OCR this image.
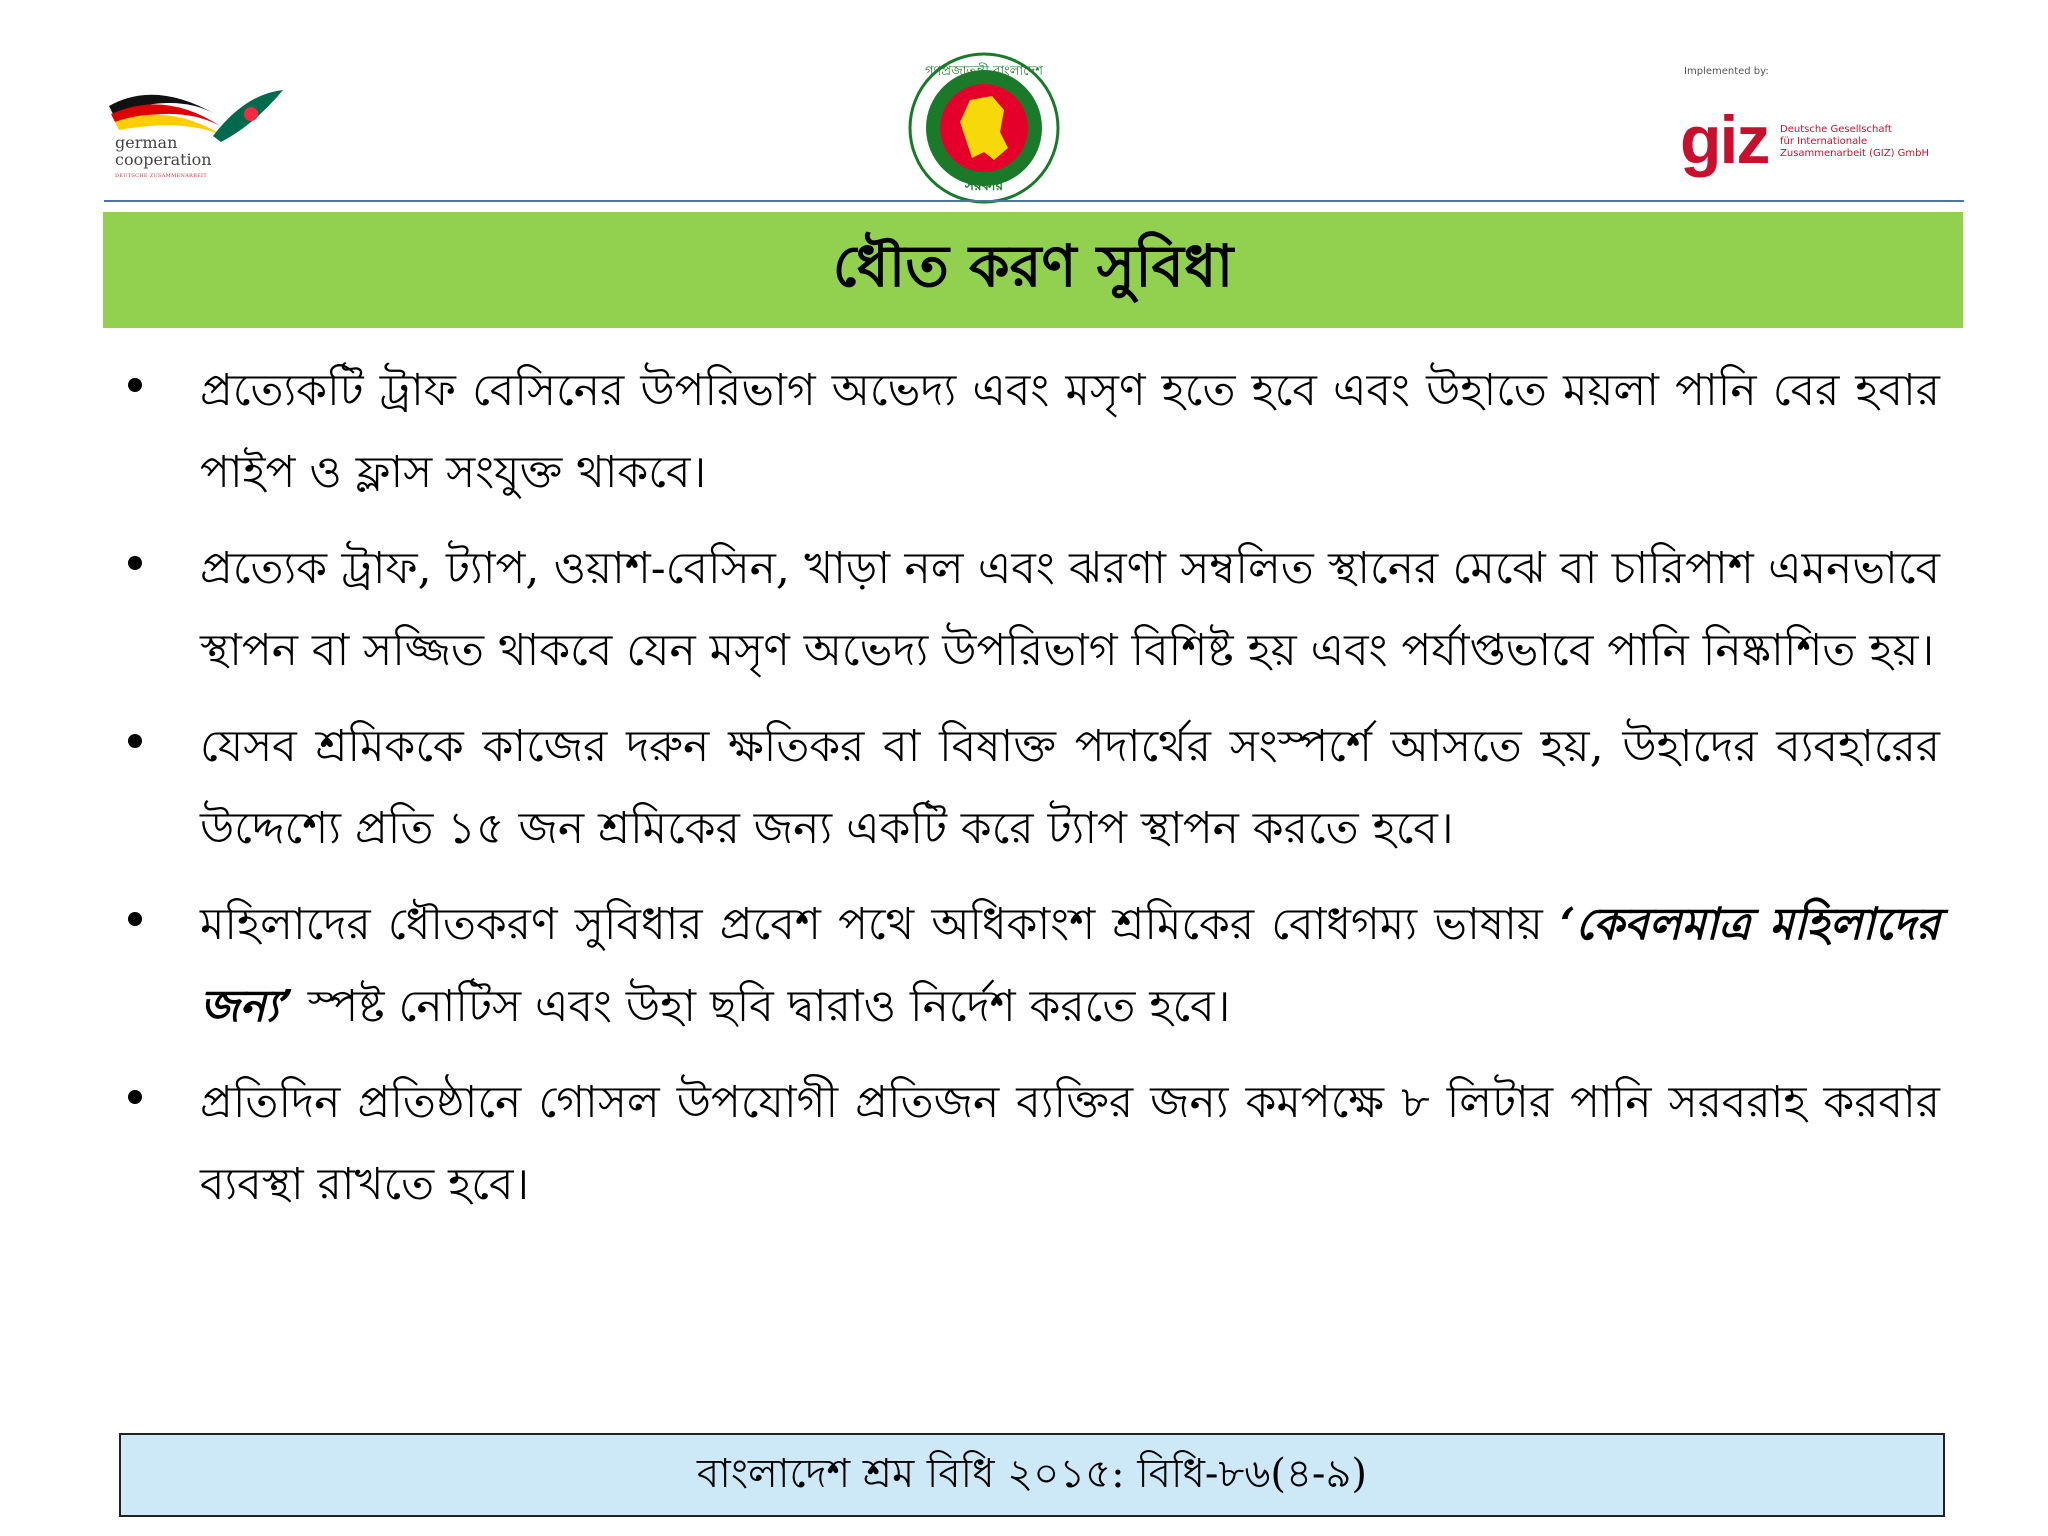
german
cooperation
DEUTSCHE ZUSAMMENARBEIT
গণপ্রজাতন্ত্রী বাংলাদেশ
সরকার
Implemented by:
giz Deutsche Gesellschaft
für Internationale
Zusammenarbeit (GIZ) GmbH
ধৌত করণ সুবিধা
প্রত্যেকটি ট্রাফ বেসিনের উপরিভাগ অভেদ্য এবং মসৃণ হতে হবে এবং উহাতে ময়লা পানি বের হবার পাইপ ও ফ্লাস সংযুক্ত থাকবে।
প্রত্যেক ট্রাফ, ট্যাপ, ওয়াশ-বেসিন, খাড়া নল এবং ঝরণা সম্বলিত স্থানের মেঝে বা চারিপাশ এমনভাবে স্থাপন বা সজ্জিত থাকবে যেন মসৃণ অভেদ্য উপরিভাগ বিশিষ্ট হয় এবং পর্যাপ্তভাবে পানি নিষ্কাশিত হয়।
যেসব শ্রমিককে কাজের দরুন ক্ষতিকর বা বিষাক্ত পদার্থের সংস্পর্শে আসতে হয়, উহাদের ব্যবহারের উদ্দেশ্যে প্রতি ১৫ জন শ্রমিকের জন্য একটি করে ট্যাপ স্থাপন করতে হবে।
মহিলাদের ধৌতকরণ সুবিধার প্রবেশ পথে অধিকাংশ শ্রমিকের বোধগম্য ভাষায় ‘কেবলমাত্র মহিলাদের জন্য’ স্পষ্ট নোটিস এবং উহা ছবি দ্বারাও নির্দেশ করতে হবে।
প্রতিদিন প্রতিষ্ঠানে গোসল উপযোগী প্রতিজন ব্যক্তির জন্য কমপক্ষে ৮ লিটার পানি সরবরাহ করবার ব্যবস্থা রাখতে হবে।
বাংলাদেশ শ্রম বিধি ২০১৫: বিধি-৮৬(৪-৯)
